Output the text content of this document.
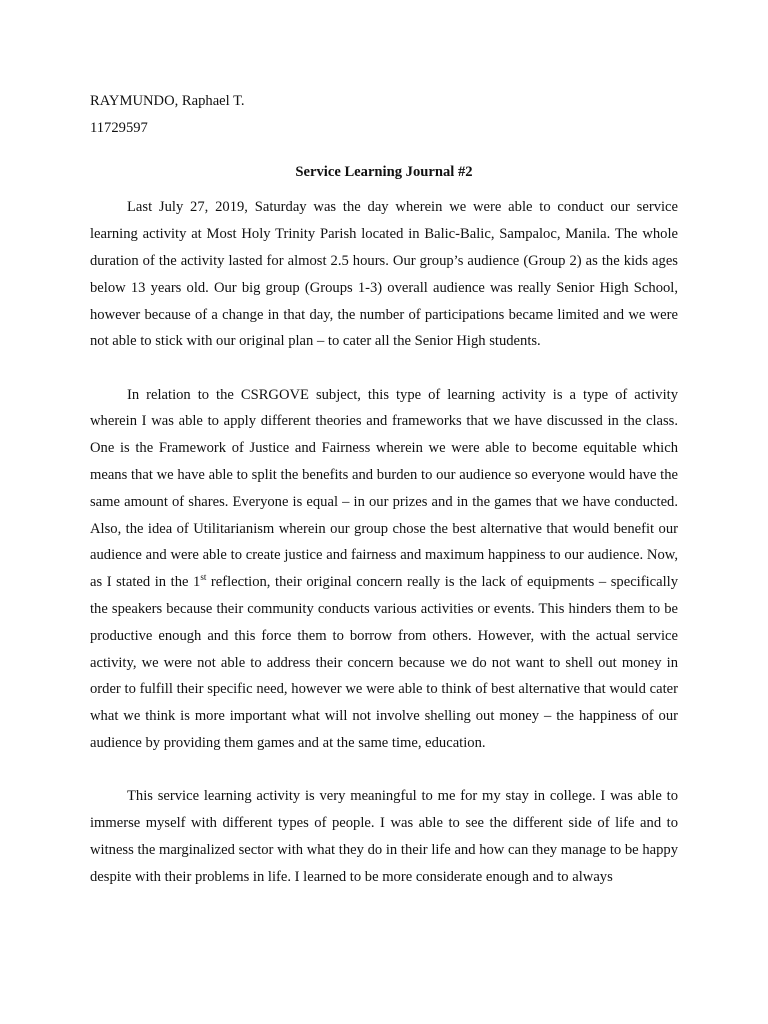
RAYMUNDO, Raphael T.

11729597

Service Learning Journal #2

Last July 27, 2019, Saturday was the day wherein we were able to conduct our service learning activity at Most Holy Trinity Parish located in Balic-Balic, Sampaloc, Manila. The whole duration of the activity lasted for almost 2.5 hours. Our group’s audience (Group 2) as the kids ages below 13 years old. Our big group (Groups 1-3) overall audience was really Senior High School, however because of a change in that day, the number of participations became limited and we were not able to stick with our original plan – to cater all the Senior High students.

In relation to the CSRGOVE subject, this type of learning activity is a type of activity wherein I was able to apply different theories and frameworks that we have discussed in the class. One is the Framework of Justice and Fairness wherein we were able to become equitable which means that we have able to split the benefits and burden to our audience so everyone would have the same amount of shares. Everyone is equal – in our prizes and in the games that we have conducted. Also, the idea of Utilitarianism wherein our group chose the best alternative that would benefit our audience and were able to create justice and fairness and maximum happiness to our audience. Now, as I stated in the 1st reflection, their original concern really is the lack of equipments – specifically the speakers because their community conducts various activities or events. This hinders them to be productive enough and this force them to borrow from others. However, with the actual service activity, we were not able to address their concern because we do not want to shell out money in order to fulfill their specific need, however we were able to think of best alternative that would cater what we think is more important what will not involve shelling out money – the happiness of our audience by providing them games and at the same time, education.

This service learning activity is very meaningful to me for my stay in college. I was able to immerse myself with different types of people. I was able to see the different side of life and to witness the marginalized sector with what they do in their life and how can they manage to be happy despite with their problems in life. I learned to be more considerate enough and to always
